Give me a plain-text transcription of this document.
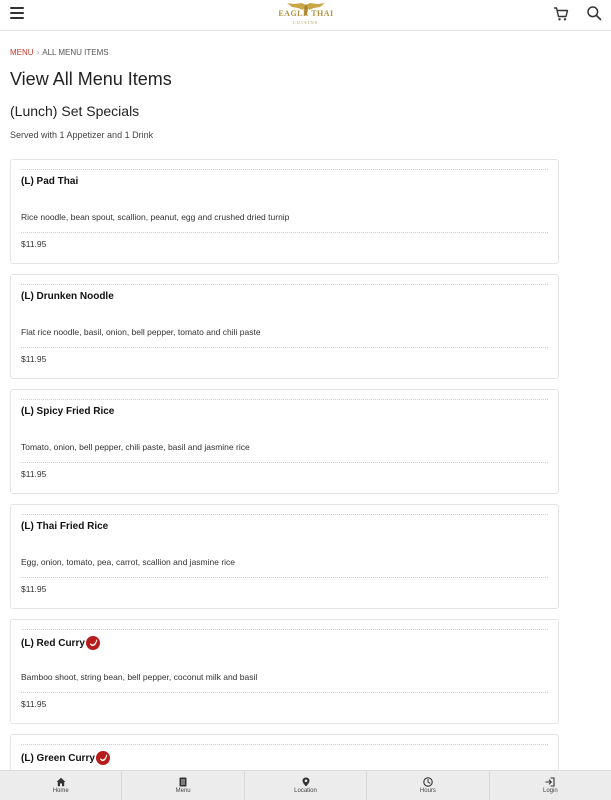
EAGLE THAI
CUISINE
MENU › ALL MENU ITEMS
View All Menu Items
(Lunch) Set Specials
Served with 1 Appetizer and 1 Drink
(L) Pad Thai
Rice noodle, bean spout, scallion, peanut, egg and crushed dried turnip
$11.95
(L) Drunken Noodle
Flat rice noodle, basil, onion, bell pepper, tomato and chili paste
$11.95
(L) Spicy Fried Rice
Tomato, onion, bell pepper, chili paste, basil and jasmine rice
$11.95
(L) Thai Fried Rice
Egg, onion, tomato, pea, carrot, scallion and jasmine rice
$11.95
(L) Red Curry
Bamboo shoot, string bean, bell pepper, coconut milk and basil
$11.95
(L) Green Curry
Home	Menu	Location	Hours	Login
